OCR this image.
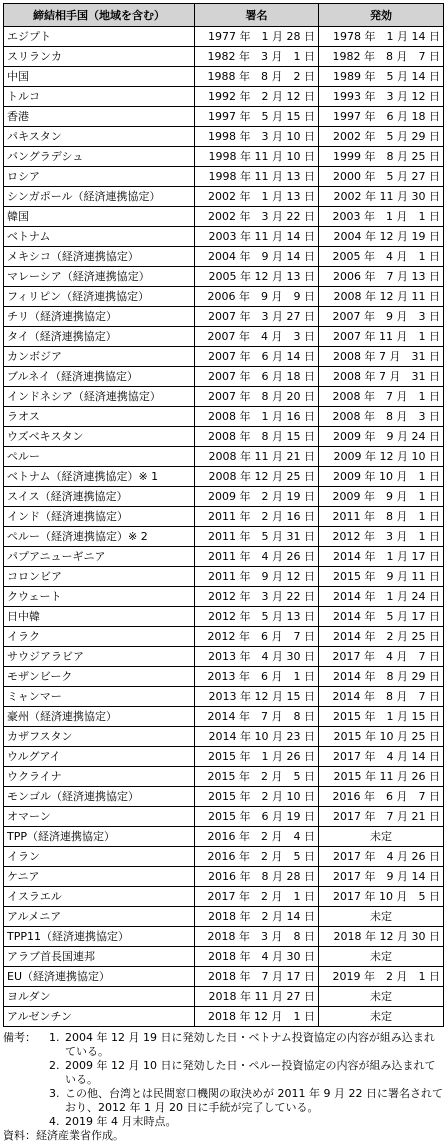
締結相手国（地域を含む）	署名	発効
エジプト	1977 年　1 月 28 日	1978 年　1 月 14 日
スリランカ	1982 年　3 月　1 日	1982 年　8 月　7 日
中国	1988 年　8 月　2 日	1989 年　5 月 14 日
トルコ	1992 年　2 月 12 日	1993 年　3 月 12 日
香港	1997 年　5 月 15 日	1997 年　6 月 18 日
パキスタン	1998 年　3 月 10 日	2002 年　5 月 29 日
バングラデシュ	1998 年 11 月 10 日	1999 年　8 月 25 日
ロシア	1998 年 11 月 13 日	2000 年　5 月 27 日
シンガポール（経済連携協定）	2002 年　1 月 13 日	2002 年 11 月 30 日
韓国	2002 年　3 月 22 日	2003 年　1 月　1 日
ベトナム	2003 年 11 月 14 日	2004 年 12 月 19 日
メキシコ（経済連携協定）	2004 年　9 月 14 日	2005 年　4 月　1 日
マレーシア（経済連携協定）	2005 年 12 月 13 日	2006 年　7 月 13 日
フィリピン（経済連携協定）	2006 年　9 月　9 日	2008 年 12 月 11 日
チリ（経済連携協定）	2007 年　3 月 27 日	2007 年　9 月　3 日
タイ（経済連携協定）	2007 年　4 月　3 日	2007 年 11 月　1 日
カンボジア	2007 年　6 月 14 日	2008 年 7 月　31 日
ブルネイ（経済連携協定）	2007 年　6 月 18 日	2008 年 7 月　31 日
インドネシア（経済連携協定）	2007 年　8 月 20 日	2008 年　7 月　1 日
ラオス	2008 年　1 月 16 日	2008 年　8 月　3 日
ウズベキスタン	2008 年　8 月 15 日	2009 年　9 月 24 日
ペルー	2008 年 11 月 21 日	2009 年 12 月 10 日
ベトナム（経済連携協定）※ 1	2008 年 12 月 25 日	2009 年 10 月　1 日
スイス（経済連携協定）	2009 年　2 月 19 日	2009 年　9 月　1 日
インド（経済連携協定）	2011 年　2 月 16 日	2011 年　8 月　1 日
ペルー（経済連携協定）※ 2	2011 年　5 月 31 日	2012 年　3 月　1 日
パプアニューギニア	2011 年　4 月 26 日	2014 年　1 月 17 日
コロンビア	2011 年　9 月 12 日	2015 年　9 月 11 日
クウェート	2012 年　3 月 22 日	2014 年　1 月 24 日
日中韓	2012 年　5 月 13 日	2014 年　5 月 17 日
イラク	2012 年　6 月　7 日	2014 年　2 月 25 日
サウジアラビア	2013 年　4 月 30 日	2017 年　4 月　7 日
モザンビーク	2013 年　6 月　1 日	2014 年　8 月 29 日
ミャンマー	2013 年 12 月 15 日	2014 年　8 月　7 日
豪州（経済連携協定）	2014 年　7 月　8 日	2015 年　1 月 15 日
カザフスタン	2014 年 10 月 23 日	2015 年 10 月 25 日
ウルグアイ	2015 年　1 月 26 日	2017 年　4 月 14 日
ウクライナ	2015 年　2 月　5 日	2015 年 11 月 26 日
モンゴル（経済連携協定）	2015 年　2 月 10 日	2016 年　6 月　7 日
オマーン	2015 年　6 月 19 日	2017 年　7 月 21 日
TPP（経済連携協定）	2016 年　2 月　4 日	未定
イラン	2016 年　2 月　5 日	2017 年　4 月 26 日
ケニア	2016 年　8 月 28 日	2017 年　9 月 14 日
イスラエル	2017 年　2 月　1 日	2017 年 10 月　5 日
アルメニア	2018 年　2 月 14 日	未定
TPP11（経済連携協定）	2018 年　3 月　8 日	2018 年 12 月 30 日
アラブ首長国連邦	2018 年　4 月 30 日	未定
EU（経済連携協定）	2018 年　7 月 17 日	2019 年　2 月　1 日
ヨルダン	2018 年 11 月 27 日	未定
アルゼンチン	2018 年 12 月　1 日	未定
備考：	1. 2004 年 12 月 19 日に発効した日・ベトナム投資協定の内容が組み込まれている。
2. 2009 年 12 月 10 日に発効した日・ペルー投資協定の内容が組み込まれている。
3. この他、台湾とは民間窓口機関の取決めが 2011 年 9 月 22 日に署名されており、2012 年 1 月 20 日に手続が完了している。
4. 2019 年 4 月末時点。
資料：経済産業省作成。
